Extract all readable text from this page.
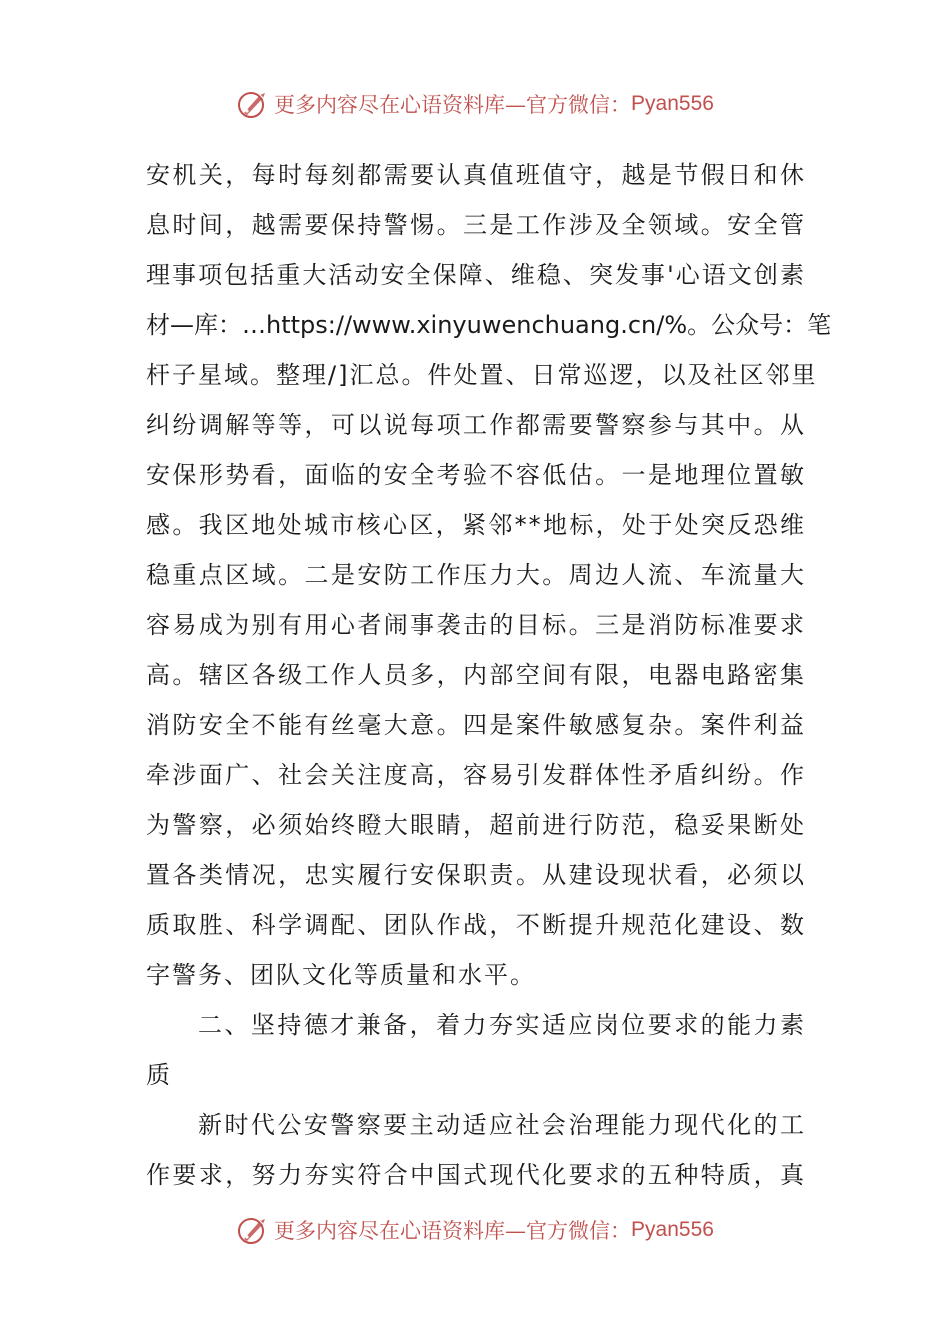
更多内容尽在心语资料库—官方微信： Pyan556
安机关，每时每刻都需要认真值班值守，越是节假日和休
息时间，越需要保持警惕。三是工作涉及全领域。安全管
理事项包括重大活动安全保障、维稳、突发事'心语文创素
材—库：…https://www.xinyuwenchuang.cn/%。公众号：笔
杆子星域。整理/]汇总。件处置、日常巡逻，以及社区邻里
纠纷调解等等，可以说每项工作都需要警察参与其中。从
安保形势看，面临的安全考验不容低估。一是地理位置敏
感。我区地处城市核心区，紧邻**地标，处于处突反恐维
稳重点区域。二是安防工作压力大。周边人流、车流量大
容易成为别有用心者闹事袭击的目标。三是消防标准要求
高。辖区各级工作人员多，内部空间有限，电器电路密集
消防安全不能有丝毫大意。四是案件敏感复杂。案件利益
牵涉面广、社会关注度高，容易引发群体性矛盾纠纷。作
为警察，必须始终瞪大眼睛，超前进行防范，稳妥果断处
置各类情况，忠实履行安保职责。从建设现状看，必须以
质取胜、科学调配、团队作战，不断提升规范化建设、数
字警务、团队文化等质量和水平。
二、坚持德才兼备，着力夯实适应岗位要求的能力素
质
新时代公安警察要主动适应社会治理能力现代化的工
作要求，努力夯实符合中国式现代化要求的五种特质，真
更多内容尽在心语资料库—官方微信： Pyan556
